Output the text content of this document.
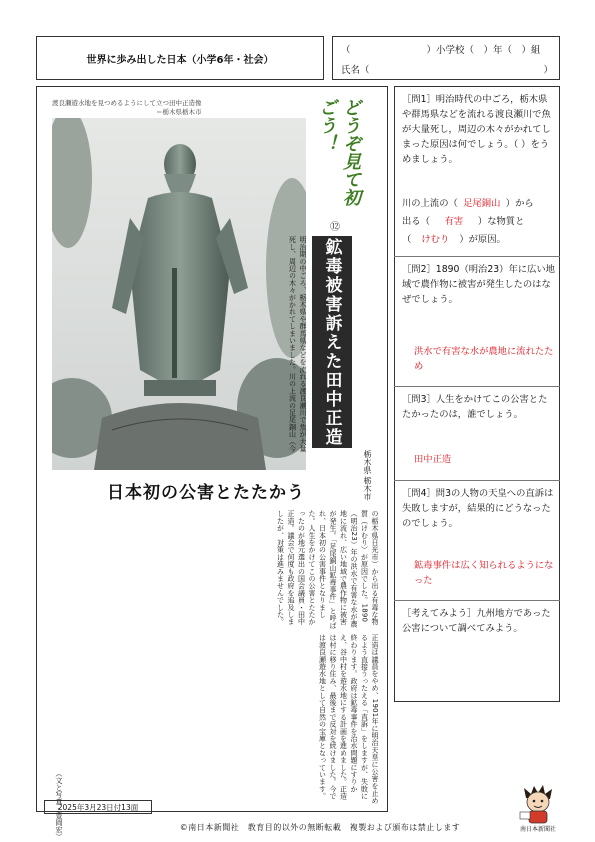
世界に歩み出した日本（小学6年・社会）
（　　　　　　　　）小学校（　）年（　）組
氏名（	）
渡良瀬遊水地を見つめるようにして立つ田中正造像
＝栃木県栃木市	どうぞ見て初ごう！
⑫
鉱毒被害訴えた田中正造
栃木県 栃木市
明治期の中ごろ、栃木県や群馬県などを流れる渡良瀬川で魚が大量死し、周辺の木々がかれてしまいました。川の上流の足尾銅山（今
日本初の公害とたたかう
の栃木県日光市）から出る有毒な物質（けむり）が原因でした。1890（明治23）年の洪水で有害な水が農地に流れ、広い地域で農作物に被害が発生。「足尾銅山鉱毒事件」と呼ばれ、日本初の公害事件となりました。人生をかけてこの公害とたたかったのが地元選出の国会議員・田中正造。議会で何度も政府を追及しましたが、対策は進みませんでした。
正造は議員をやめ、1901年に明治天皇に公害を止めるよう直接うったえる「直訴」をしますが、失敗に終わります。政府は鉱毒事件を治水問題にすりかえ、谷中村を遊水地にする計画を進めました。正造は村に移り住み、最後まで反対を続けました。今では渡良瀬遊水地として自然の宝庫となっています。
（文と写真・豊岡宏）
2025年3月23日付13面
［問1］明治時代の中ごろ，栃木県や群馬県などを流れる渡良瀬川で魚が大量死し，周辺の木々がかれてしまった原因は何でしょう。（ ）をうめましょう。
川の上流の（ 足尾銅山 ）から
出る（ 有害 ）な物質と
（ けむり ）が原因。
［問2］1890（明治23）年に広い地域で農作物に被害が発生したのはなぜでしょう。
洪水で有害な水が農地に流れたため
［問3］人生をかけてこの公害とたたかったのは，誰でしょう。
田中正造
［問4］問3の人物の天皇への直訴は失敗しますが，結果的にどうなったのでしょう。
鉱毒事件は広く知られるようになった
［考えてみよう］九州地方であった公害について調べてみよう。
©南日本新聞社　教育目的以外の無断転載　複製および頒布は禁止します	南日本新聞社
